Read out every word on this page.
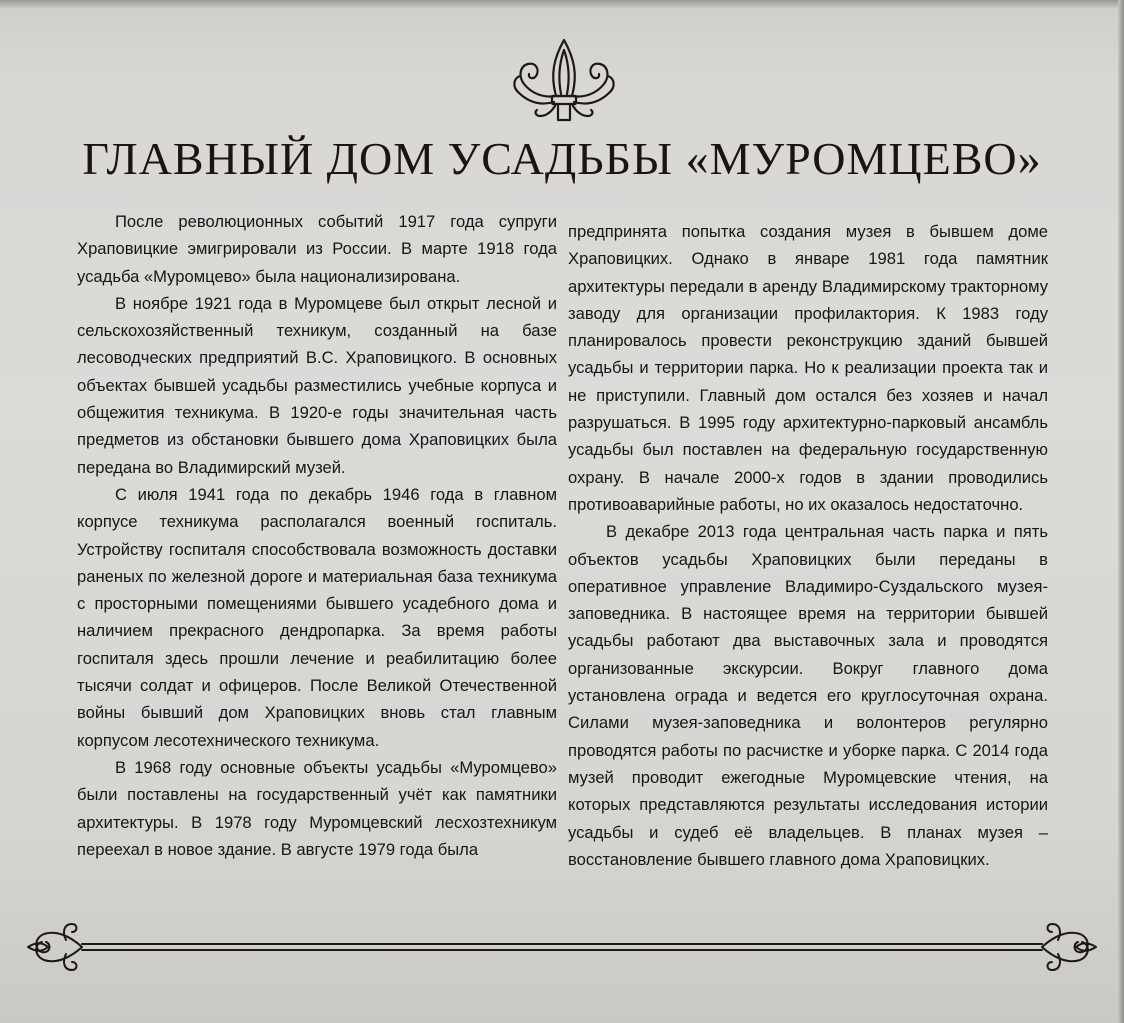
ГЛАВНЫЙ ДОМ УСАДЬБЫ «МУРОМЦЕВО»

После революционных событий 1917 года супруги Храповицкие эмигрировали из России. В марте 1918 года усадьба «Муромцево» была национализирована.

В ноябре 1921 года в Муромцеве был открыт лесной и сельскохозяйственный техникум, созданный на базе лесоводческих предприятий В.С. Храповицкого. В основных объектах бывшей усадьбы разместились учебные корпуса и общежития техникума. В 1920-е годы значительная часть предметов из обстановки бывшего дома Храповицких была передана во Владимирский музей.

С июля 1941 года по декабрь 1946 года в главном корпусе техникума располагался военный госпиталь. Устройству госпиталя способствовала возможность доставки раненых по железной дороге и материальная база техникума с просторными помещениями бывшего усадебного дома и наличием прекрасного дендропарка. За время работы госпиталя здесь прошли лечение и реабилитацию более тысячи солдат и офицеров. После Великой Отечественной войны бывший дом Храповицких вновь стал главным корпусом лесотехнического техникума.

В 1968 году основные объекты усадьбы «Муромцево» были поставлены на государственный учёт как памятники архитектуры. В 1978 году Муромцевский лесхозтехникум переехал в новое здание. В августе 1979 года была

предпринята попытка создания музея в бывшем доме Храповицких. Однако в январе 1981 года памятник архитектуры передали в аренду Владимирскому тракторному заводу для организации профилактория. К 1983 году планировалось провести реконструкцию зданий бывшей усадьбы и территории парка. Но к реализации проекта так и не приступили. Главный дом остался без хозяев и начал разрушаться. В 1995 году архитектурно-парковый ансамбль усадьбы был поставлен на федеральную государственную охрану. В начале 2000-х годов в здании проводились противоаварийные работы, но их оказалось недостаточно.

В декабре 2013 года центральная часть парка и пять объектов усадьбы Храповицких были переданы в оперативное управление Владимиро-Суздальского музея-заповедника. В настоящее время на территории бывшей усадьбы работают два выставочных зала и проводятся организованные экскурсии. Вокруг главного дома установлена ограда и ведется его круглосуточная охрана. Силами музея-заповедника и волонтеров регулярно проводятся работы по расчистке и уборке парка. С 2014 года музей проводит ежегодные Муромцевские чтения, на которых представляются результаты исследования истории усадьбы и судеб её владельцев. В планах музея – восстановление бывшего главного дома Храповицких.
